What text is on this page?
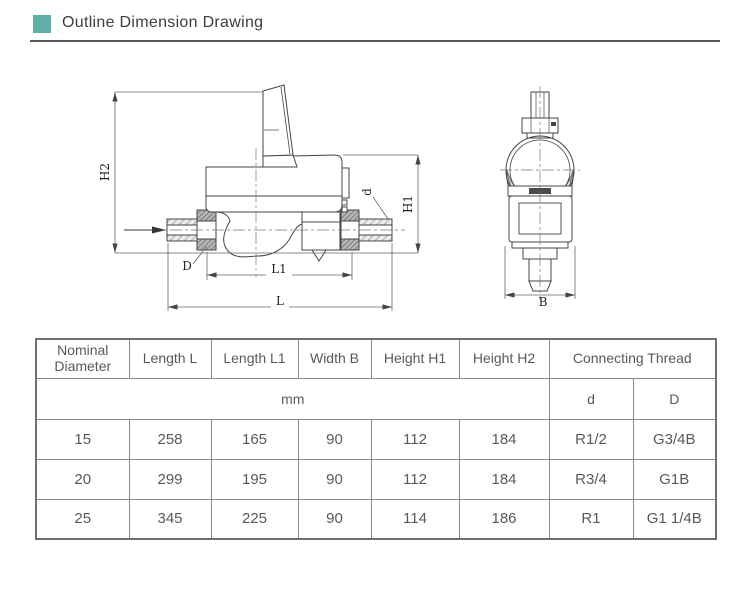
Outline Dimension Drawing
H2
H1
d
D	L1
L	B
Nominal Diameter	Length L	Length L1	Width B	Height H1	Height H2	Connecting Thread	
mm						d	D
15	258	165	90	112	184	R1/2	G3/4B
20	299	195	90	112	184	R3/4	G1B
25	345	225	90	114	186	R1	G1 1/4B
